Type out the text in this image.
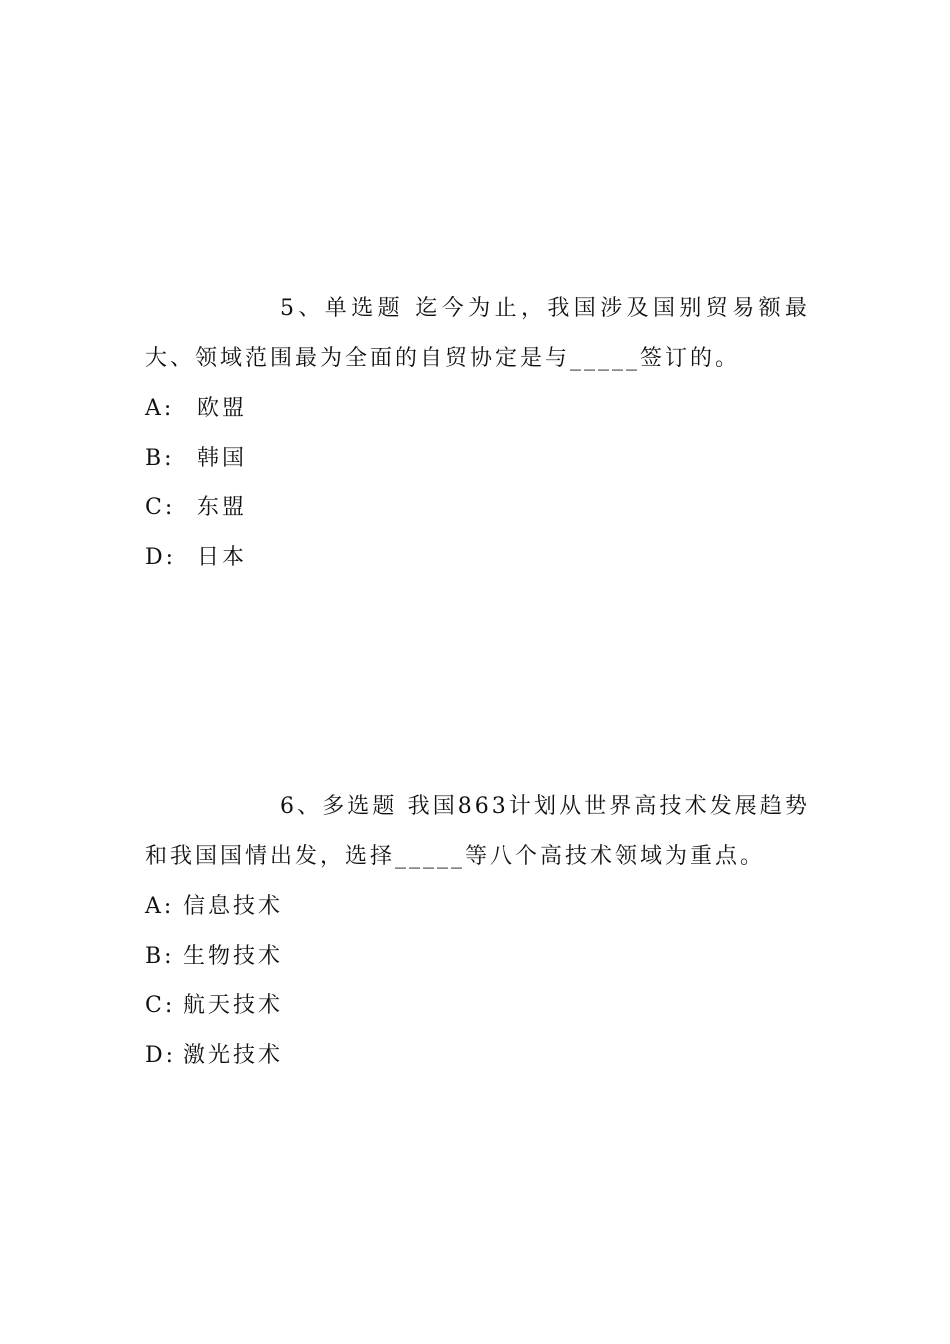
5、单选题 迄今为止，我国涉及国别贸易额最大、领域范围最为全面的自贸协定是与_____签订的。

A: 欧盟
B: 韩国
C: 东盟
D: 日本

6、多选题 我国863计划从世界高技术发展趋势和我国国情出发，选择_____等八个高技术领域为重点。

A: 信息技术
B: 生物技术
C: 航天技术
D: 激光技术
